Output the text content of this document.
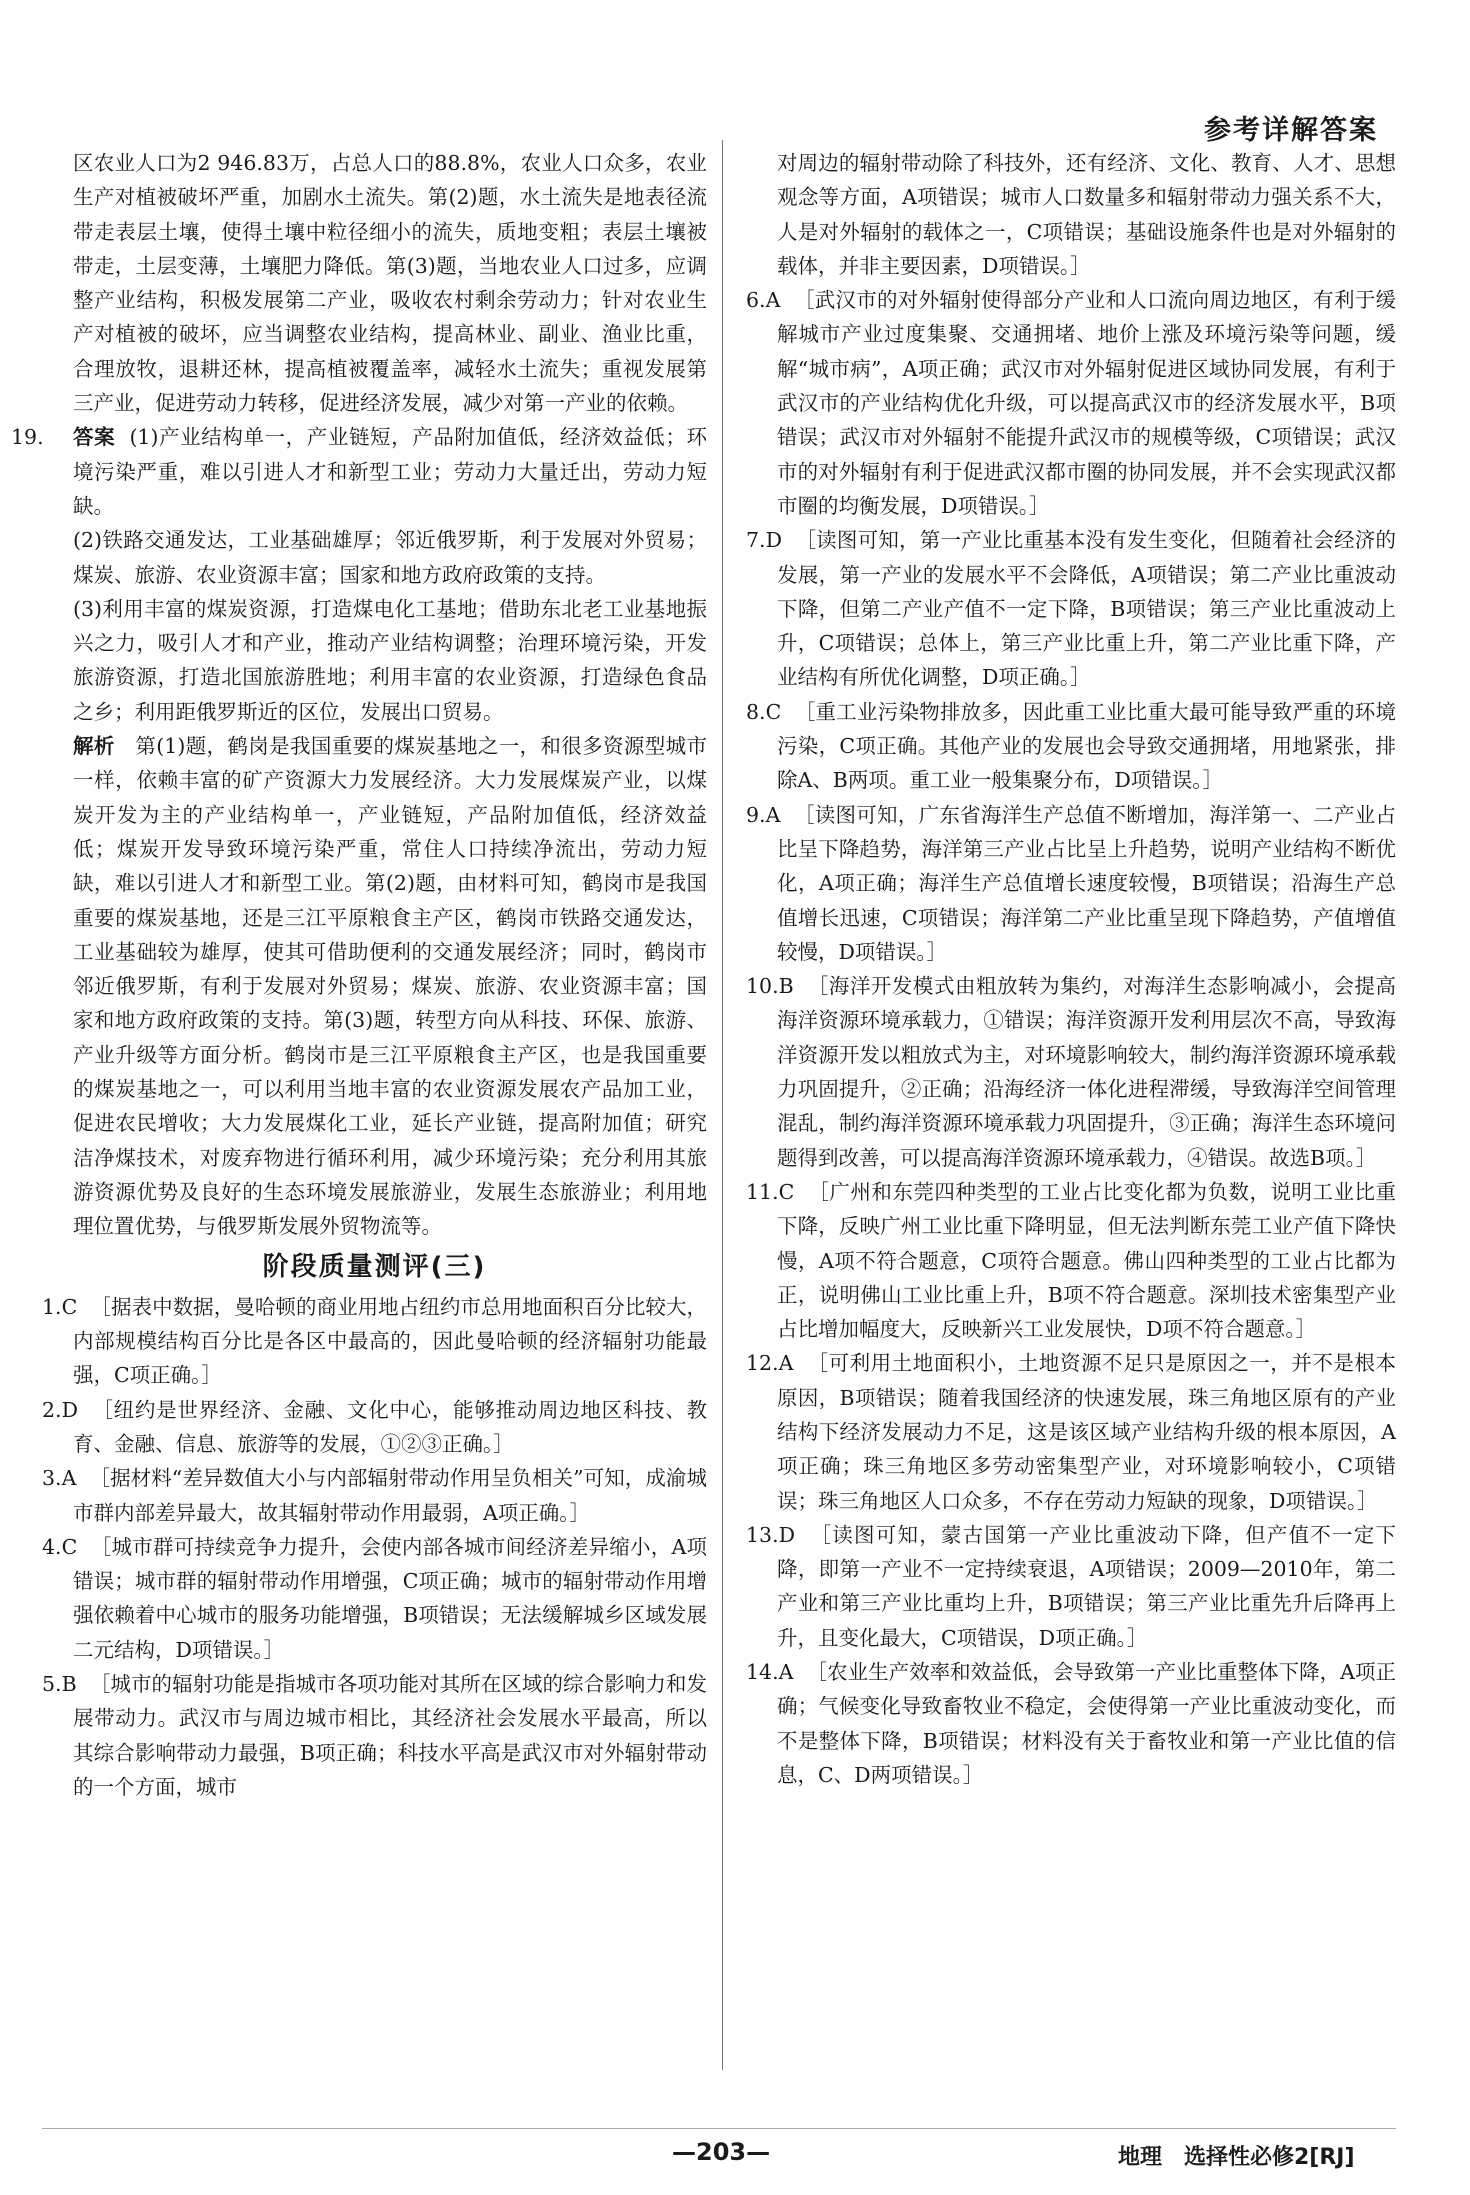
参考详解答案

区农业人口为2 946.83万，占总人口的88.8%，农业人口众多，农业生产对植被破坏严重，加剧水土流失。第(2)题，水土流失是地表径流带走表层土壤，使得土壤中粒径细小的流失，质地变粗；表层土壤被带走，土层变薄，土壤肥力降低。第(3)题，当地农业人口过多，应调整产业结构，积极发展第二产业，吸收农村剩余劳动力；针对农业生产对植被的破坏，应当调整农业结构，提高林业、副业、渔业比重，合理放牧，退耕还林，提高植被覆盖率，减轻水土流失；重视发展第三产业，促进劳动力转移，促进经济发展，减少对第一产业的依赖。

19. 答案 (1)产业结构单一，产业链短，产品附加值低，经济效益低；环境污染严重，难以引进人才和新型工业；劳动力大量迁出，劳动力短缺。

(2)铁路交通发达，工业基础雄厚；邻近俄罗斯，利于发展对外贸易；煤炭、旅游、农业资源丰富；国家和地方政府政策的支持。

(3)利用丰富的煤炭资源，打造煤电化工基地；借助东北老工业基地振兴之力，吸引人才和产业，推动产业结构调整；治理环境污染，开发旅游资源，打造北国旅游胜地；利用丰富的农业资源，打造绿色食品之乡；利用距俄罗斯近的区位，发展出口贸易。

解析 第(1)题，鹤岗是我国重要的煤炭基地之一，和很多资源型城市一样，依赖丰富的矿产资源大力发展经济。大力发展煤炭产业，以煤炭开发为主的产业结构单一，产业链短，产品附加值低，经济效益低；煤炭开发导致环境污染严重，常住人口持续净流出，劳动力短缺，难以引进人才和新型工业。第(2)题，由材料可知，鹤岗市是我国重要的煤炭基地，还是三江平原粮食主产区，鹤岗市铁路交通发达，工业基础较为雄厚，使其可借助便利的交通发展经济；同时，鹤岗市邻近俄罗斯，有利于发展对外贸易；煤炭、旅游、农业资源丰富；国家和地方政府政策的支持。第(3)题，转型方向从科技、环保、旅游、产业升级等方面分析。鹤岗市是三江平原粮食主产区，也是我国重要的煤炭基地之一，可以利用当地丰富的农业资源发展农产品加工业，促进农民增收；大力发展煤化工业，延长产业链，提高附加值；研究洁净煤技术，对废弃物进行循环利用，减少环境污染；充分利用其旅游资源优势及良好的生态环境发展旅游业，发展生态旅游业；利用地理位置优势，与俄罗斯发展外贸物流等。

阶段质量测评(三)

1.C ［据表中数据，曼哈顿的商业用地占纽约市总用地面积百分比较大，内部规模结构百分比是各区中最高的，因此曼哈顿的经济辐射功能最强，C项正确。］

2.D ［纽约是世界经济、金融、文化中心，能够推动周边地区科技、教育、金融、信息、旅游等的发展，①②③正确。］

3.A ［据材料“差异数值大小与内部辐射带动作用呈负相关”可知，成渝城市群内部差异最大，故其辐射带动作用最弱，A项正确。］

4.C ［城市群可持续竞争力提升，会使内部各城市间经济差异缩小，A项错误；城市群的辐射带动作用增强，C项正确；城市的辐射带动作用增强依赖着中心城市的服务功能增强，B项错误；无法缓解城乡区域发展二元结构，D项错误。］

5.B ［城市的辐射功能是指城市各项功能对其所在区域的综合影响力和发展带动力。武汉市与周边城市相比，其经济社会发展水平最高，所以其综合影响带动力最强，B项正确；科技水平高是武汉市对外辐射带动的一个方面，城市

对周边的辐射带动除了科技外，还有经济、文化、教育、人才、思想观念等方面，A项错误；城市人口数量多和辐射带动力强关系不大，人是对外辐射的载体之一，C项错误；基础设施条件也是对外辐射的载体，并非主要因素，D项错误。］

6.A ［武汉市的对外辐射使得部分产业和人口流向周边地区，有利于缓解城市产业过度集聚、交通拥堵、地价上涨及环境污染等问题，缓解“城市病”，A项正确；武汉市对外辐射促进区域协同发展，有利于武汉市的产业结构优化升级，可以提高武汉市的经济发展水平，B项错误；武汉市对外辐射不能提升武汉市的规模等级，C项错误；武汉市的对外辐射有利于促进武汉都市圈的协同发展，并不会实现武汉都市圈的均衡发展，D项错误。］

7.D ［读图可知，第一产业比重基本没有发生变化，但随着社会经济的发展，第一产业的发展水平不会降低，A项错误；第二产业比重波动下降，但第二产业产值不一定下降，B项错误；第三产业比重波动上升，C项错误；总体上，第三产业比重上升，第二产业比重下降，产业结构有所优化调整，D项正确。］

8.C ［重工业污染物排放多，因此重工业比重大最可能导致严重的环境污染，C项正确。其他产业的发展也会导致交通拥堵，用地紧张，排除A、B两项。重工业一般集聚分布，D项错误。］

9.A ［读图可知，广东省海洋生产总值不断增加，海洋第一、二产业占比呈下降趋势，海洋第三产业占比呈上升趋势，说明产业结构不断优化，A项正确；海洋生产总值增长速度较慢，B项错误；沿海生产总值增长迅速，C项错误；海洋第二产业比重呈现下降趋势，产值增值较慢，D项错误。］

10.B ［海洋开发模式由粗放转为集约，对海洋生态影响减小，会提高海洋资源环境承载力，①错误；海洋资源开发利用层次不高，导致海洋资源开发以粗放式为主，对环境影响较大，制约海洋资源环境承载力巩固提升，②正确；沿海经济一体化进程滞缓，导致海洋空间管理混乱，制约海洋资源环境承载力巩固提升，③正确；海洋生态环境问题得到改善，可以提高海洋资源环境承载力，④错误。故选B项。］

11.C ［广州和东莞四种类型的工业占比变化都为负数，说明工业比重下降，反映广州工业比重下降明显，但无法判断东莞工业产值下降快慢，A项不符合题意，C项符合题意。佛山四种类型的工业占比都为正，说明佛山工业比重上升，B项不符合题意。深圳技术密集型产业占比增加幅度大，反映新兴工业发展快，D项不符合题意。］

12.A ［可利用土地面积小，土地资源不足只是原因之一，并不是根本原因，B项错误；随着我国经济的快速发展，珠三角地区原有的产业结构下经济发展动力不足，这是该区域产业结构升级的根本原因，A项正确；珠三角地区多劳动密集型产业，对环境影响较小，C项错误；珠三角地区人口众多，不存在劳动力短缺的现象，D项错误。］

13.D ［读图可知，蒙古国第一产业比重波动下降，但产值不一定下降，即第一产业不一定持续衰退，A项错误；2009—2010年，第二产业和第三产业比重均上升，B项错误；第三产业比重先升后降再上升，且变化最大，C项错误，D项正确。］

14.A ［农业生产效率和效益低，会导致第一产业比重整体下降，A项正确；气候变化导致畜牧业不稳定，会使得第一产业比重波动变化，而不是整体下降，B项错误；材料没有关于畜牧业和第一产业比值的信息，C、D两项错误。］

—203—	地理　选择性必修2[RJ]
